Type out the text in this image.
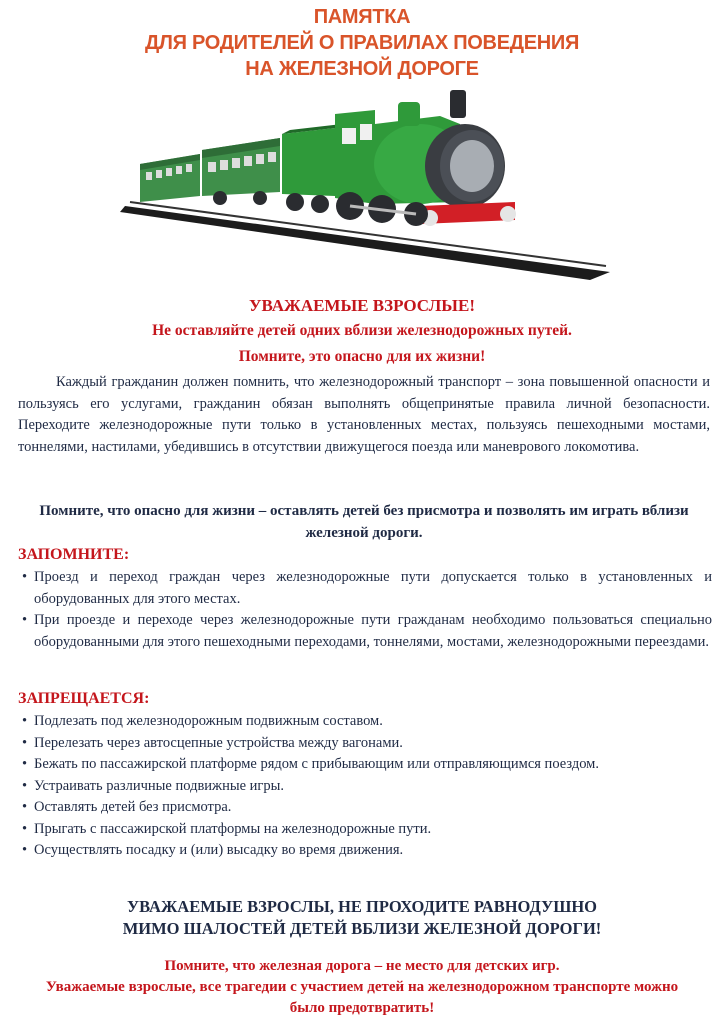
ПАМЯТКА
ДЛЯ РОДИТЕЛЕЙ О ПРАВИЛАХ ПОВЕДЕНИЯ
НА ЖЕЛЕЗНОЙ ДОРОГЕ
УВАЖАЕМЫЕ ВЗРОСЛЫЕ!
Не оставляйте детей одних вблизи железнодорожных путей.
Помните, это опасно для их жизни!
Каждый гражданин должен помнить, что железнодорожный транспорт – зона повышенной опасности и пользуясь его услугами, гражданин обязан выполнять общепринятые правила личной безопасности. Переходите железнодорожные пути только в установленных местах, пользуясь пешеходными мостами, тоннелями, настилами, убедившись в отсутствии движущегося поезда или маневрового локомотива.
Помните, что опасно для жизни – оставлять детей без присмотра и позволять им играть вблизи железной дороги.
ЗАПОМНИТЕ:
• Проезд и переход граждан через железнодорожные пути допускается только в установленных и оборудованных для этого местах.
• При проезде и переходе через железнодорожные пути гражданам необходимо пользоваться специально оборудованными для этого пешеходными переходами, тоннелями, мостами, железнодорожными переездами.
ЗАПРЕЩАЕТСЯ:
• Подлезать под железнодорожным подвижным составом.
• Перелезать через автосцепные устройства между вагонами.
• Бежать по пассажирской платформе рядом с прибывающим или отправляющимся поездом.
• Устраивать различные подвижные игры.
• Оставлять детей без присмотра.
• Прыгать с пассажирской платформы на железнодорожные пути.
• Осуществлять посадку и (или) высадку во время движения.
УВАЖАЕМЫЕ ВЗРОСЛЫ, НЕ ПРОХОДИТЕ РАВНОДУШНО
МИМО ШАЛОСТЕЙ ДЕТЕЙ ВБЛИЗИ ЖЕЛЕЗНОЙ ДОРОГИ!
Помните, что железная дорога – не место для детских игр.
Уважаемые взрослые, все трагедии с участием детей на железнодорожном транспорте можно было предотвратить!
